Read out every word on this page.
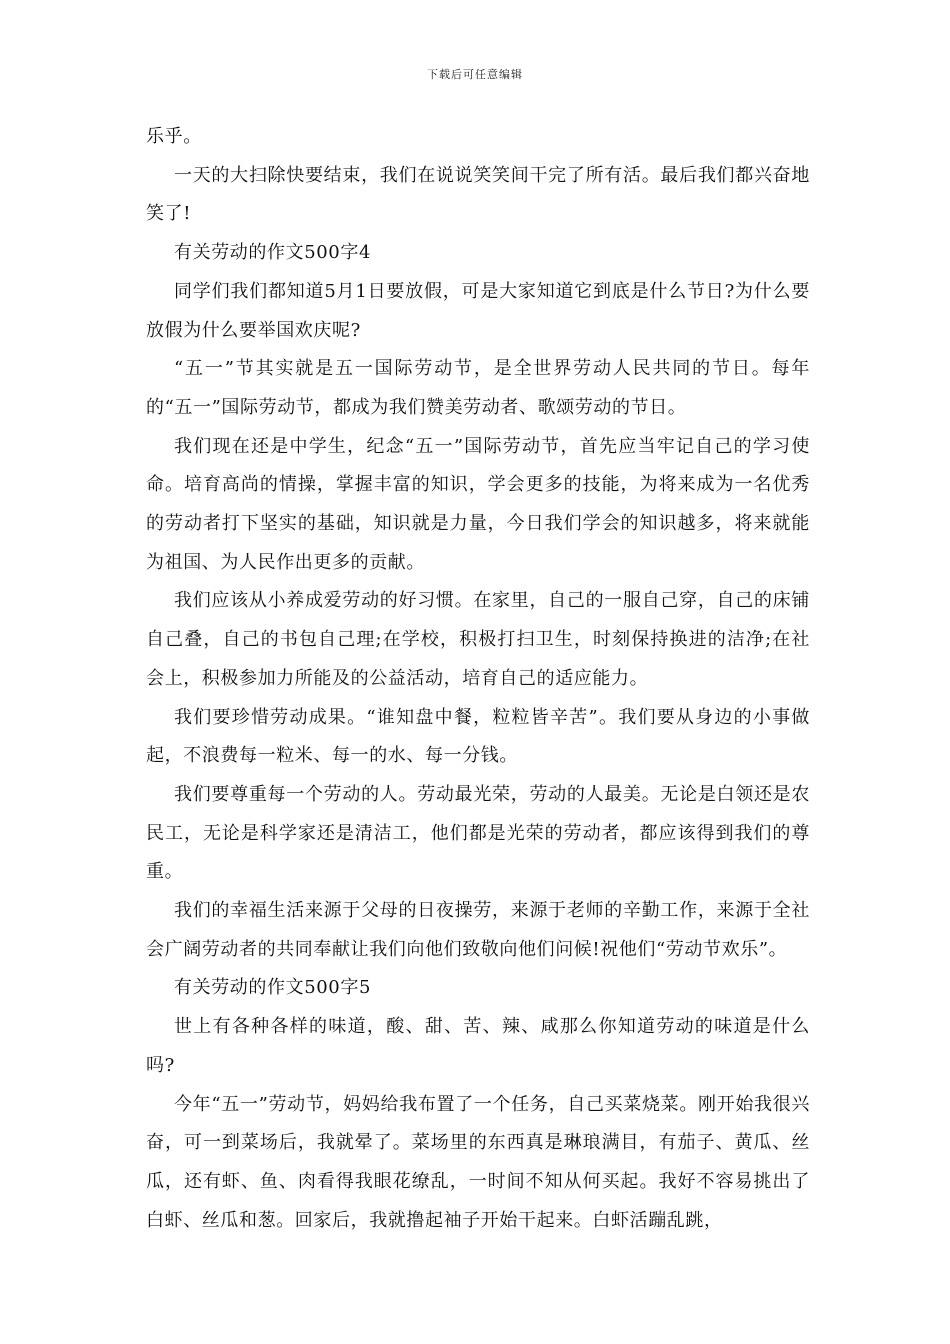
下载后可任意编辑

乐乎。

一天的大扫除快要结束，我们在说说笑笑间干完了所有活。最后我们都兴奋地笑了!

有关劳动的作文500字4

同学们我们都知道5月1日要放假，可是大家知道它到底是什么节日?为什么要放假为什么要举国欢庆呢?

“五一”节其实就是五一国际劳动节，是全世界劳动人民共同的节日。每年的“五一”国际劳动节，都成为我们赞美劳动者、歌颂劳动的节日。

我们现在还是中学生，纪念“五一”国际劳动节，首先应当牢记自己的学习使命。培育高尚的情操，掌握丰富的知识，学会更多的技能，为将来成为一名优秀的劳动者打下坚实的基础，知识就是力量，今日我们学会的知识越多，将来就能为祖国、为人民作出更多的贡献。

我们应该从小养成爱劳动的好习惯。在家里，自己的一服自己穿，自己的床铺自己叠，自己的书包自己理;在学校，积极打扫卫生，时刻保持换进的洁净;在社会上，积极参加力所能及的公益活动，培育自己的适应能力。

我们要珍惜劳动成果。“谁知盘中餐，粒粒皆辛苦”。我们要从身边的小事做起，不浪费每一粒米、每一的水、每一分钱。

我们要尊重每一个劳动的人。劳动最光荣，劳动的人最美。无论是白领还是农民工，无论是科学家还是清洁工，他们都是光荣的劳动者，都应该得到我们的尊重。

我们的幸福生活来源于父母的日夜操劳，来源于老师的辛勤工作，来源于全社会广阔劳动者的共同奉献让我们向他们致敬向他们问候!祝他们“劳动节欢乐”。

有关劳动的作文500字5

世上有各种各样的味道，酸、甜、苦、辣、咸那么你知道劳动的味道是什么吗?

今年“五一”劳动节，妈妈给我布置了一个任务，自己买菜烧菜。刚开始我很兴奋，可一到菜场后，我就晕了。菜场里的东西真是琳琅满目，有茄子、黄瓜、丝瓜，还有虾、鱼、肉看得我眼花缭乱，一时间不知从何买起。我好不容易挑出了白虾、丝瓜和葱。回家后，我就撸起袖子开始干起来。白虾活蹦乱跳，
